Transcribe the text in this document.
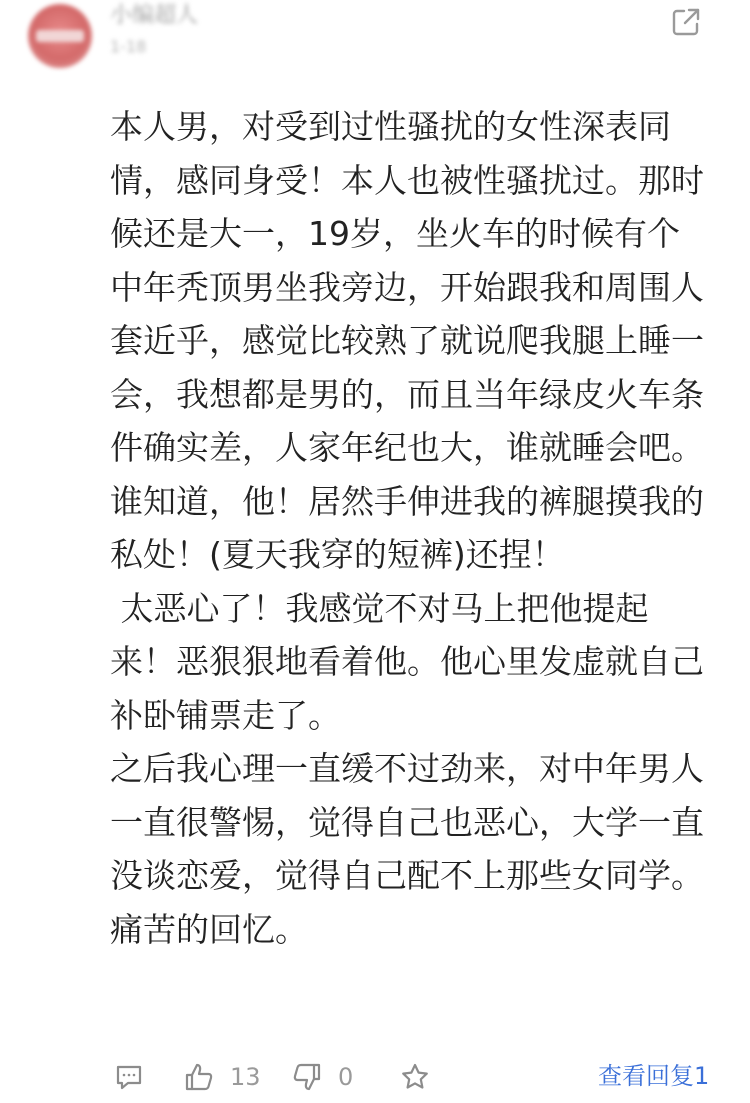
小编超人
1-18

本人男，对受到过性骚扰的女性深表同情，感同身受！本人也被性骚扰过。那时候还是大一，19岁，坐火车的时候有个中年秃顶男坐我旁边，开始跟我和周围人套近乎，感觉比较熟了就说爬我腿上睡一会，我想都是男的，而且当年绿皮火车条件确实差，人家年纪也大，谁就睡会吧。谁知道，他！居然手伸进我的裤腿摸我的私处！(夏天我穿的短裤)还捏！

太恶心了！我感觉不对马上把他提起来！恶狠狠地看着他。他心里发虚就自己补卧铺票走了。

之后我心理一直缓不过劲来，对中年男人一直很警惕，觉得自己也恶心，大学一直没谈恋爱，觉得自己配不上那些女同学。

痛苦的回忆。

13	0	查看回复1
